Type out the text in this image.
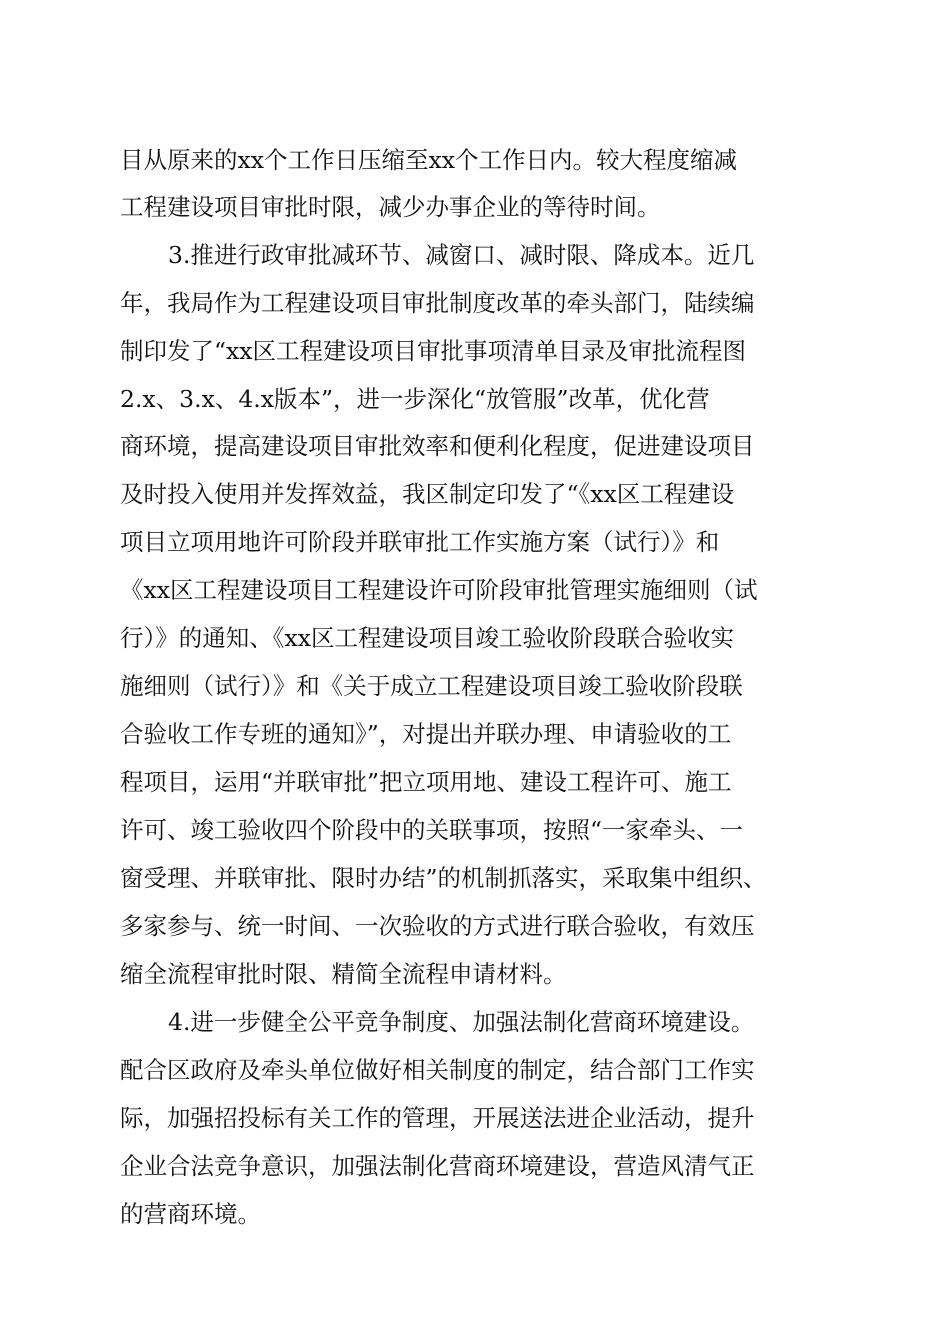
目从原来的xx个工作日压缩至xx个工作日内。较大程度缩减
工程建设项目审批时限，减少办事企业的等待时间。
3.推进行政审批减环节、减窗口、减时限、降成本。近几
年，我局作为工程建设项目审批制度改革的牵头部门，陆续编
制印发了“xx区工程建设项目审批事项清单目录及审批流程图
2.x、3.x、4.x版本”，进一步深化“放管服”改革，优化营
商环境，提高建设项目审批效率和便利化程度，促进建设项目
及时投入使用并发挥效益，我区制定印发了“《xx区工程建设
项目立项用地许可阶段并联审批工作实施方案（试行）》和
《xx区工程建设项目工程建设许可阶段审批管理实施细则（试
行）》的通知、《xx区工程建设项目竣工验收阶段联合验收实
施细则（试行）》和《关于成立工程建设项目竣工验收阶段联
合验收工作专班的通知》”，对提出并联办理、申请验收的工
程项目，运用“并联审批”把立项用地、建设工程许可、施工
许可、竣工验收四个阶段中的关联事项，按照“一家牵头、一
窗受理、并联审批、限时办结”的机制抓落实，采取集中组织、
多家参与、统一时间、一次验收的方式进行联合验收，有效压
缩全流程审批时限、精简全流程申请材料。
4.进一步健全公平竞争制度、加强法制化营商环境建设。
配合区政府及牵头单位做好相关制度的制定，结合部门工作实
际，加强招投标有关工作的管理，开展送法进企业活动，提升
企业合法竞争意识，加强法制化营商环境建设，营造风清气正
的营商环境。
